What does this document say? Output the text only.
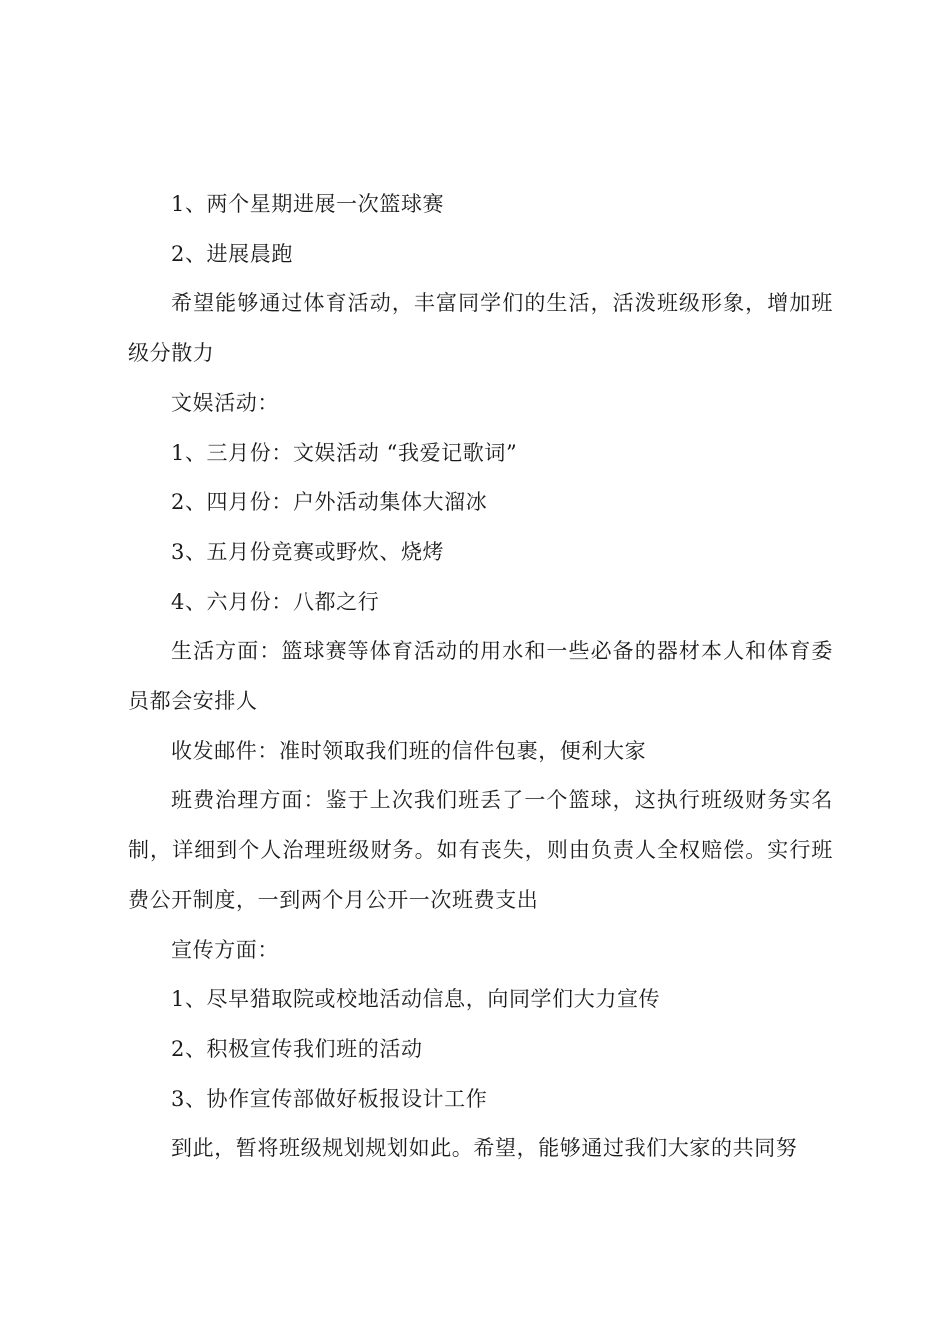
1、两个星期进展一次篮球赛

2、进展晨跑

希望能够通过体育活动，丰富同学们的生活，活泼班级形象，增加班级分散力

文娱活动：

1、三月份：文娱活动 “我爱记歌词”

2、四月份：户外活动集体大溜冰

3、五月份竞赛或野炊、烧烤

4、六月份：八都之行

生活方面：篮球赛等体育活动的用水和一些必备的器材本人和体育委员都会安排人

收发邮件：准时领取我们班的信件包裹，便利大家

班费治理方面：鉴于上次我们班丢了一个篮球，这执行班级财务实名制，详细到个人治理班级财务。如有丧失，则由负责人全权赔偿。实行班费公开制度，一到两个月公开一次班费支出

宣传方面：

1、尽早猎取院或校地活动信息，向同学们大力宣传

2、积极宣传我们班的活动

3、协作宣传部做好板报设计工作

到此，暂将班级规划规划如此。希望，能够通过我们大家的共同努
